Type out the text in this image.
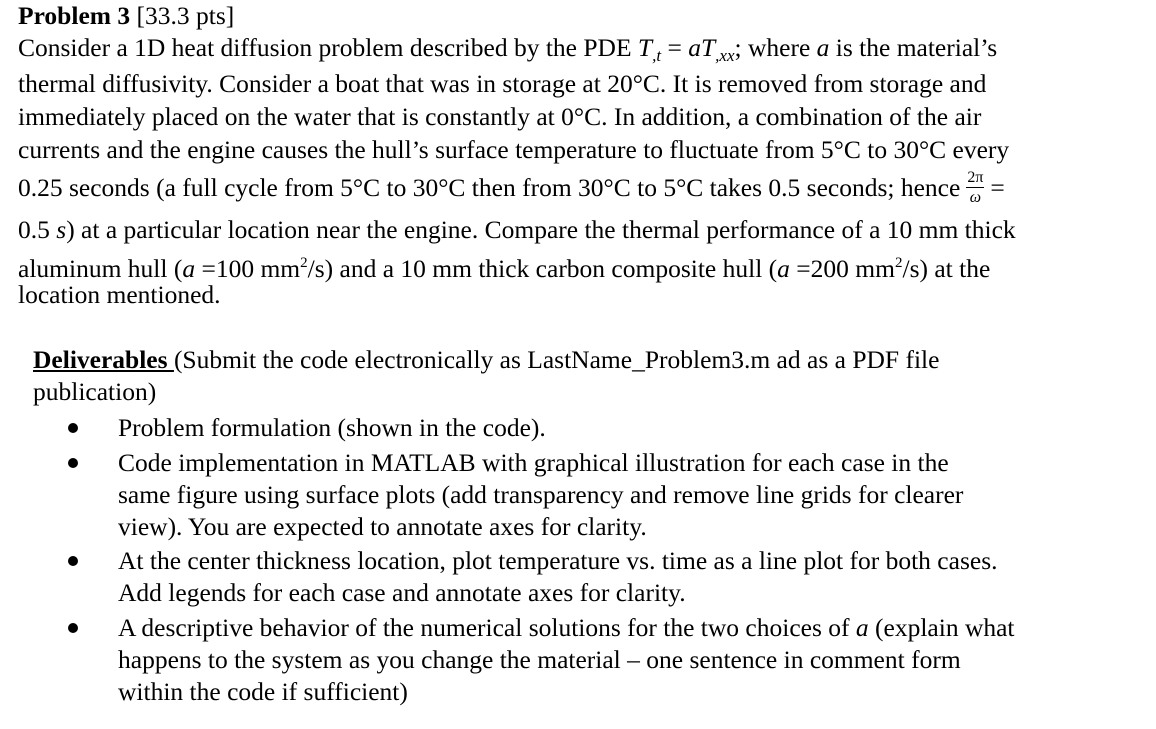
Problem 3 [33.3 pts]
Consider a 1D heat diffusion problem described by the PDE $T_{,t} = aT_{,xx}$; where a is the material’s
thermal diffusivity. Consider a boat that was in storage at 20°C. It is removed from storage and
immediately placed on the water that is constantly at 0°C. In addition, a combination of the air
currents and the engine causes the hull’s surface temperature to fluctuate from 5°C to 30°C every
0.25 seconds (a full cycle from 5°C to 30°C then from 30°C to 5°C takes 0.5 seconds; hence $\frac{2\pi}{\omega}$ =
0.5 s) at a particular location near the engine. Compare the thermal performance of a 10 mm thick
aluminum hull (a =100 $mm^2/s$) and a 10 mm thick carbon composite hull (a =200 $mm^2/s$) at the
location mentioned.
Deliverables (Submit the code electronically as LastName_Problem3.m ad as a PDF file
publication)
Problem formulation (shown in the code).
Code implementation in MATLAB with graphical illustration for each case in the
same figure using surface plots (add transparency and remove line grids for clearer
view). You are expected to annotate axes for clarity.
At the center thickness location, plot temperature vs. time as a line plot for both cases.
Add legends for each case and annotate axes for clarity.
A descriptive behavior of the numerical solutions for the two choices of a (explain what
happens to the system as you change the material – one sentence in comment form
within the code if sufficient)
